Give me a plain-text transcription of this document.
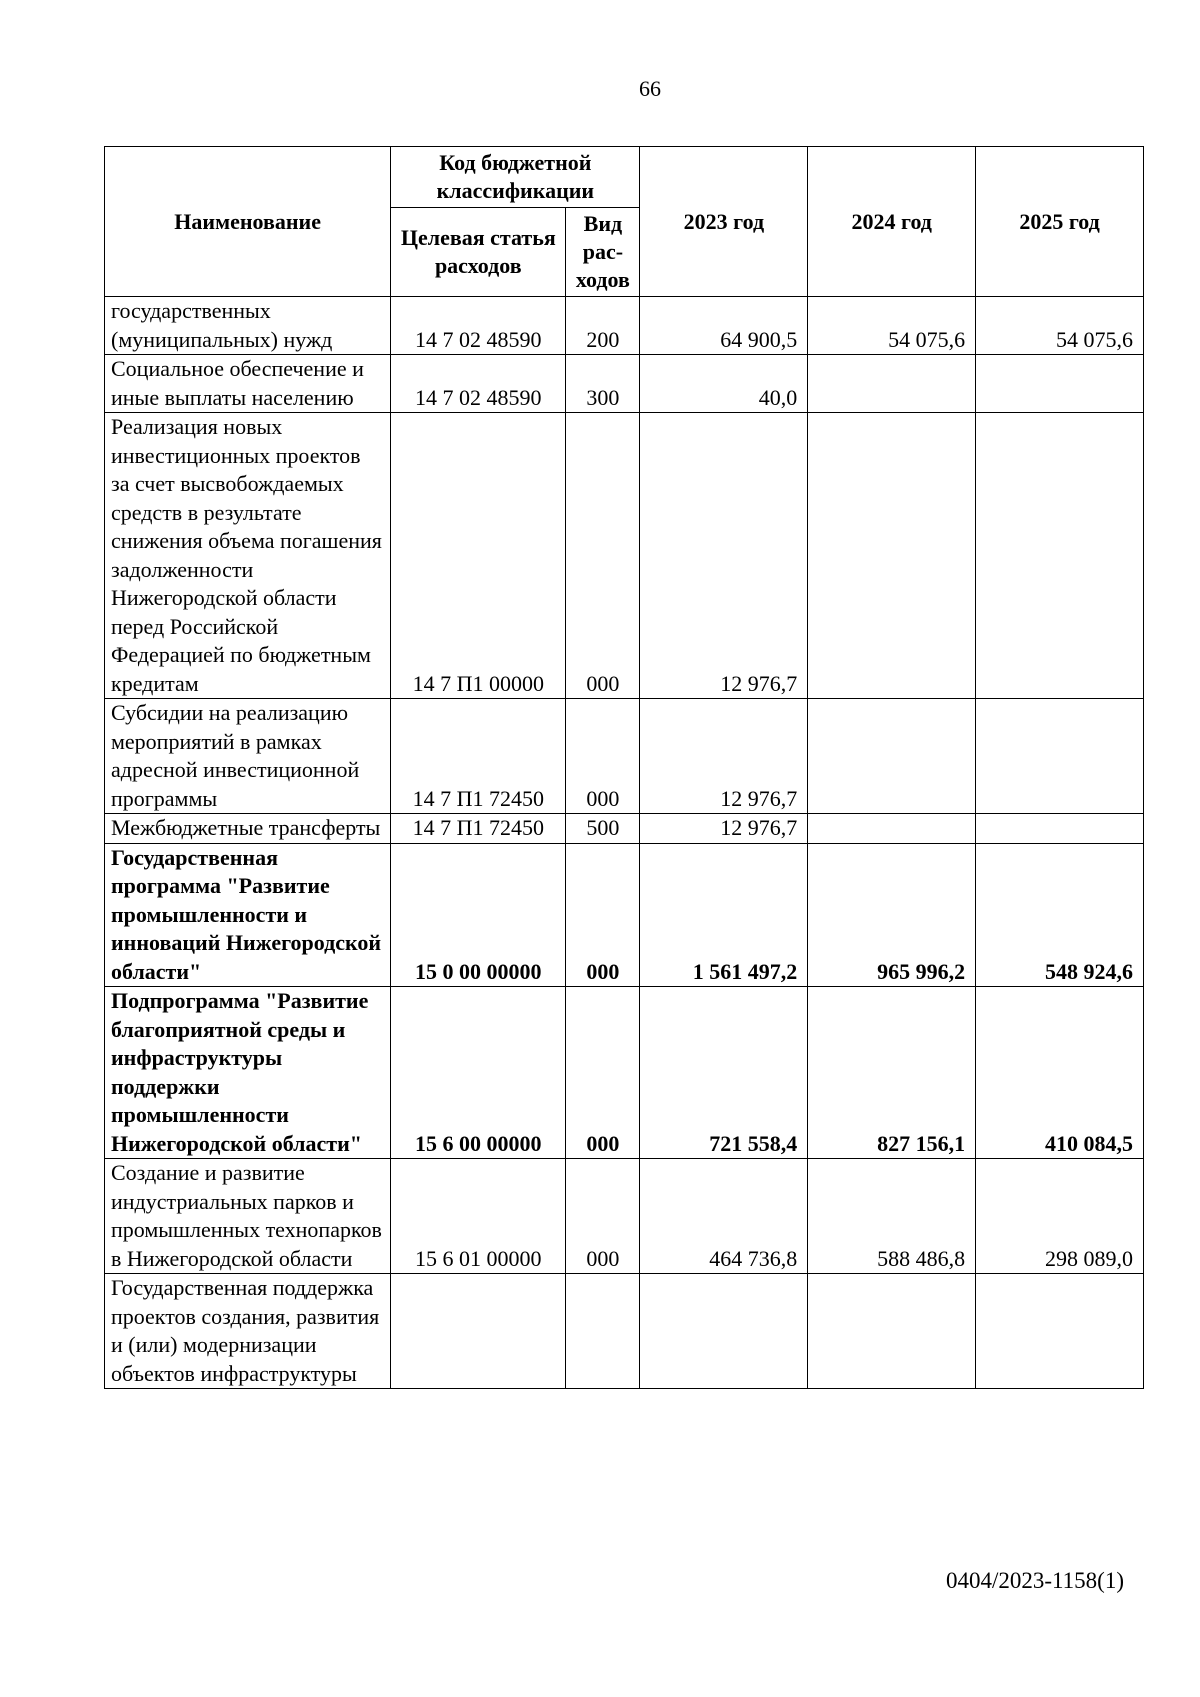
66
Наименование	Код бюджетной классификации		2023 год	2024 год	2025 год
	Целевая статья расходов	Вид рас-ходов			
государственных (муниципальных) нужд	14 7 02 48590	200	64 900,5	54 075,6	54 075,6
Социальное обеспечение и иные выплаты населению	14 7 02 48590	300	40,0		
Реализация новых инвестиционных проектов за счет высвобождаемых средств в результате снижения объема погашения задолженности Нижегородской области перед Российской Федерацией по бюджетным кредитам	14 7 П1 00000	000	12 976,7		
Субсидии на реализацию мероприятий в рамках адресной инвестиционной программы	14 7 П1 72450	000	12 976,7		
Межбюджетные трансферты	14 7 П1 72450	500	12 976,7		
Государственная программа "Развитие промышленности и инноваций Нижегородской области"	15 0 00 00000	000	1 561 497,2	965 996,2	548 924,6
Подпрограмма "Развитие благоприятной среды и инфраструктуры поддержки промышленности Нижегородской области"	15 6 00 00000	000	721 558,4	827 156,1	410 084,5
Создание и развитие индустриальных парков и промышленных технопарков в Нижегородской области	15 6 01 00000	000	464 736,8	588 486,8	298 089,0
Государственная поддержка проектов создания, развития и (или) модернизации объектов инфраструктуры					
0404/2023-1158(1)
